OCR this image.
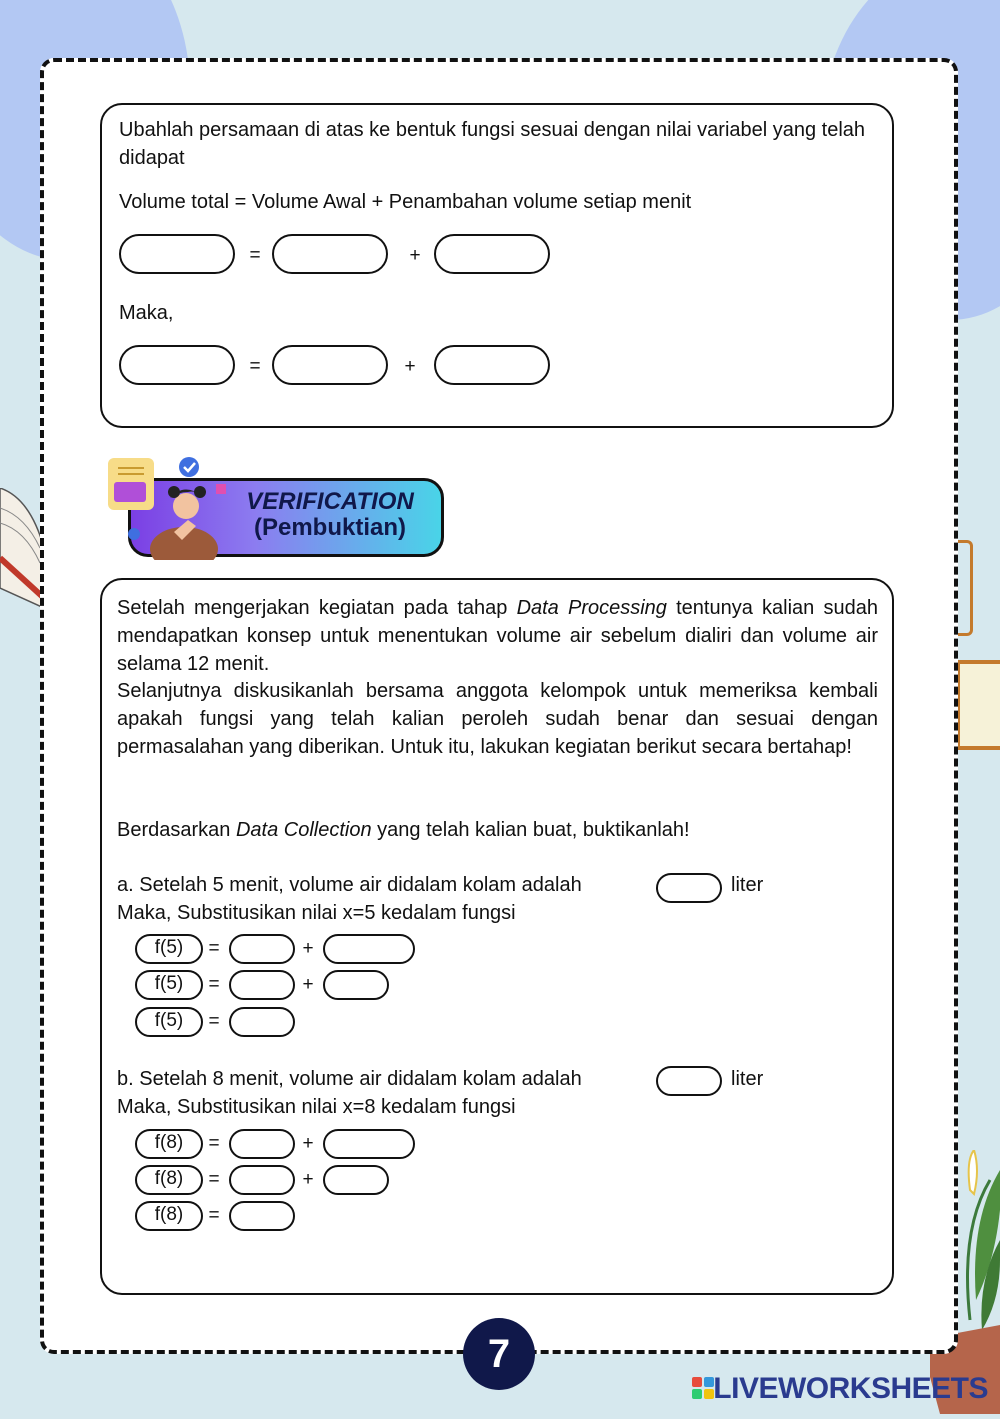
Ubahlah persamaan di atas ke bentuk fungsi sesuai dengan nilai variabel yang telah didapat
Volume total = Volume Awal + Penambahan volume setiap menit
=	+
Maka,
=	+
VERIFICATION
(Pembuktian)
Setelah mengerjakan kegiatan pada tahap Data Processing tentunya kalian sudah mendapatkan konsep untuk menentukan volume air sebelum dialiri dan volume air selama 12 menit.
Selanjutnya diskusikanlah bersama anggota kelompok untuk memeriksa kembali apakah fungsi yang telah kalian peroleh sudah benar dan sesuai dengan permasalahan yang diberikan. Untuk itu, lakukan kegiatan berikut secara bertahap!
Berdasarkan Data Collection yang telah kalian buat, buktikanlah!
a. Setelah 5 menit, volume air didalam kolam adalah	liter
Maka, Substitusikan nilai x=5 kedalam fungsi
f(5)	=	+
f(5)	=	+
f(5)	=
b. Setelah 8 menit, volume air didalam kolam adalah	liter
Maka, Substitusikan nilai x=8 kedalam fungsi
f(8)	=	+
f(8)	=	+
f(8)	=
7
LIVEWORKSHEETS
